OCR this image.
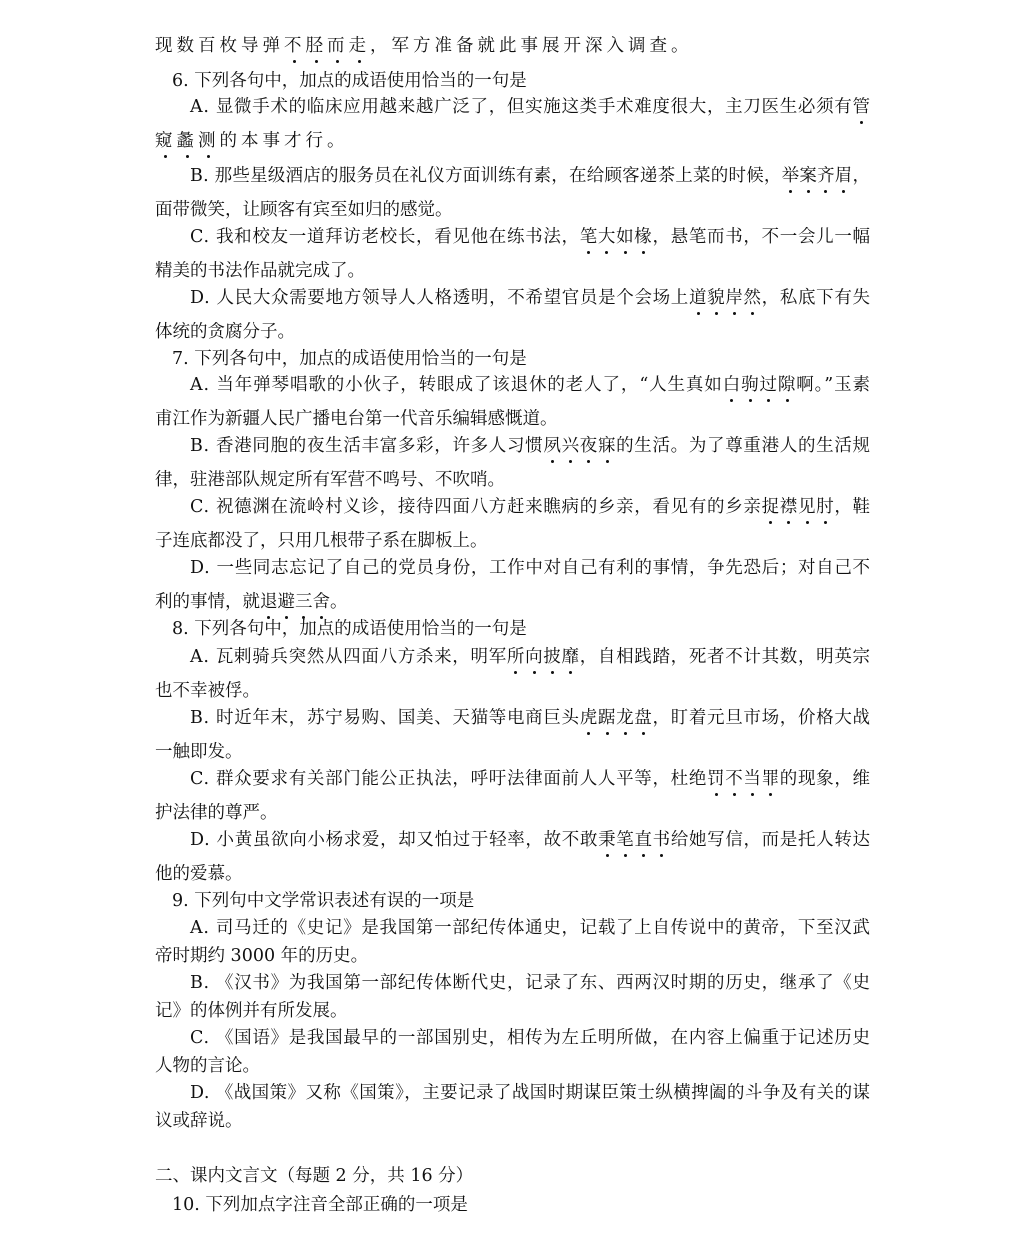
现数百枚导弹不胫而走，军方准备就此事展开深入调查。
6. 下列各句中，加点的成语使用恰当的一句是
A. 显微手术的临床应用越来越广泛了，但实施这类手术难度很大，主刀医生必须有管
窥蠡测的本事才行。
B. 那些星级酒店的服务员在礼仪方面训练有素，在给顾客递茶上菜的时候，举案齐眉，
面带微笑，让顾客有宾至如归的感觉。
C. 我和校友一道拜访老校长，看见他在练书法，笔大如椽，悬笔而书，不一会儿一幅
精美的书法作品就完成了。
D. 人民大众需要地方领导人人格透明，不希望官员是个会场上道貌岸然，私底下有失
体统的贪腐分子。
7. 下列各句中，加点的成语使用恰当的一句是
A. 当年弹琴唱歌的小伙子，转眼成了该退休的老人了，“人生真如白驹过隙啊。”玉素
甫江作为新疆人民广播电台第一代音乐编辑感慨道。
B. 香港同胞的夜生活丰富多彩，许多人习惯夙兴夜寐的生活。为了尊重港人的生活规
律，驻港部队规定所有军营不鸣号、不吹哨。
C. 祝德渊在流岭村义诊，接待四面八方赶来瞧病的乡亲，看见有的乡亲捉襟见肘，鞋
子连底都没了，只用几根带子系在脚板上。
D. 一些同志忘记了自己的党员身份，工作中对自己有利的事情，争先恐后；对自己不
利的事情，就退避三舍。
8. 下列各句中，加点的成语使用恰当的一句是
A. 瓦剌骑兵突然从四面八方杀来，明军所向披靡，自相践踏，死者不计其数，明英宗
也不幸被俘。
B. 时近年末，苏宁易购、国美、天猫等电商巨头虎踞龙盘，盯着元旦市场，价格大战
一触即发。
C. 群众要求有关部门能公正执法，呼吁法律面前人人平等，杜绝罚不当罪的现象，维
护法律的尊严。
D. 小黄虽欲向小杨求爱，却又怕过于轻率，故不敢秉笔直书给她写信，而是托人转达
他的爱慕。
9. 下列句中文学常识表述有误的一项是
A. 司马迁的《史记》是我国第一部纪传体通史，记载了上自传说中的黄帝，下至汉武
帝时期约 3000 年的历史。
B. 《汉书》为我国第一部纪传体断代史，记录了东、西两汉时期的历史，继承了《史
记》的体例并有所发展。
C. 《国语》是我国最早的一部国别史，相传为左丘明所做，在内容上偏重于记述历史
人物的言论。
D. 《战国策》又称《国策》，主要记录了战国时期谋臣策士纵横捭阖的斗争及有关的谋
议或辞说。
二、课内文言文（每题 2 分，共 16 分）
10. 下列加点字注音全部正确的一项是
